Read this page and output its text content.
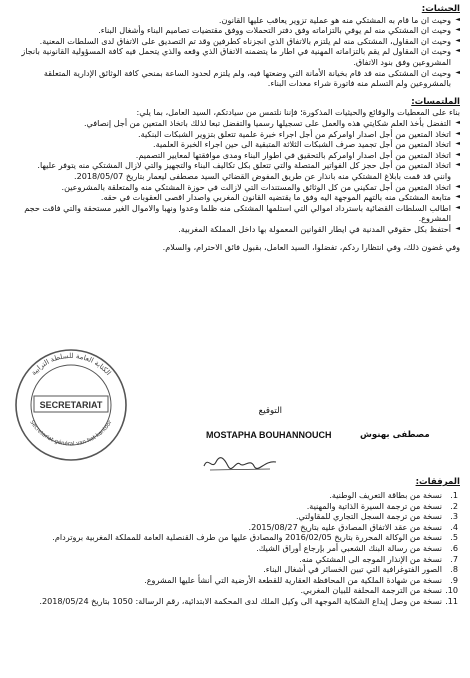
الحيثيات:
◄ وحيث ان ما قام به المشتكي منه هو عملية تزوير يعاقب عليها القانون.
◄ وحيث ان المشتكي منه لم يوفي بالتزاماته وفق دفتر التحملات ووفق مقتضيات تصاميم البناء وأشغال البناء.
◄ وحيث ان المقاول، المشتكى منه لم يلتزم بالاتفاق الذي انجزناه كطرفين وقد تم التصديق على الاتفاق لدى السلطات المعنية.
◄ وحيث ان المقاول لم يقم بالتزاماته المهنية في اطار ما يتضمنه الاتفاق الذي وقعه والذي يتحمل فيه كافة المسؤولية القانونية بانجاز المشروعين وفق بنود الاتفاق.
◄ وحيث ان المشتكى منه قد قام بخيانة الأمانة التي وضعتها فيه، ولم يلتزم لحدود الساعة بمنحي كافة الوثائق الإدارية المتعلقة بالمشروعين ولم التسلم منه فاتورة شراء معدات البناء.
الملتمسات:

بناء على المعطيات والوقائع والحيثيات المذكورة؛ فإننا نلتمس من سيادتكم، السيد العامل، بما يلي:

◄ التفضل بأخذ العلم شكايتي هذه والعمل على تسجيلها رسميا والتفضل تبعا لذلك باتخاذ المتعين من أجل إنصافي.
◄ اتخاذ المتعين من أجل اصدار اوامركم من أجل اجراء خبرة علمية تتعلق بتزوير الشبكات البنكية.
◄ اتخاذ المتعين من أجل تجميد صرف الشبكات الثلاثة المتبقية الى حين اجراء الخبرة العلمية.
◄ اتخاذ المتعين من أجل اصدار اوامركم بالتحقيق في اطوار البناء ومدى موافقتها لمعايير التصميم.
◄ اتخاذ المتعين من أجل حجز كل الفواتير المتصلة والتي تتعلق بكل تكاليف البناء والتجهيز والتي لازال المشتكي منه يتوفر عليها. وانني قد قمت بابلاغ المشتكي منه بانذار عن طريق المفوض القضائي السيد مصطفى ليعمار بتاريخ 2018/05/07.
◄ اتخاذ المتعين من أجل تمكيني من كل الوثائق والمستندات التي لازالت في حوزة المشتكي منه والمتعلقة بالمشروعين.
◄ متابعة المشتكى منه بالتهم الموجهة اليه وفق ما يقتضيه القانون المغربي واصدار اقصى العقوبات في حقه.
◄ اطالب السلطات القضائية باسترداد اموالي التي استلمها المشتكى منه ظلما وعدوا ونهبا والاموال الغير مستحقة والتي فاقت حجم المشروع.
◄ أحتفظ بكل حقوقي المدنية في ايطار القوانين المعمولة بها داخل المملكة المغربية.

وفي غضون ذلك، وفي انتظارا ردكم، تفضلوا، السيد العامل، بقبول فائق الاحترام، والسلام.

التوقيع
MOSTAPHA BOUHANNOUCH	مصطفى بهنوش
الكتابة العامة للسلطة الترابية
Secretariat général van het kantoor
SECRETARIAT
المرفقات:
نسخة من بطاقة التعريف الوطنية.
نسخة من ترجمة السيرة الذاتية والمهنية.
نسخة من ترجمة السجل التجاري للمقاولتي.
نسخة من عقد الاتفاق المصادق عليه بتاريخ 2015/08/27.
نسخة من الوكالة المحررة بتاريخ 2016/02/05 والمصادق عليها من طرف القنصلية العامة للمملكة المغربية بروتردام.
نسخة من رسالة البنك الشعبي أمر بإرجاع أوراق الشيك.
نسخة من الإنذار الموجه الى المشتكي منه.
الصور الفتوغرافية التي تبين الخسائر في أشغال البناء.
نسخة من شهادة الملكية من المحافظة العقارية للقطعة الأرضية التي أنشأ عليها المشروع.
نسخة من الترجمة المحلفة للبيان المغربي.
نسخة من وصل إيداع الشكاية الموجهة الى وكيل الملك لدى المحكمة الابتدائية، رقم الرسالة: 1050 بتاريخ 2018/05/24.
